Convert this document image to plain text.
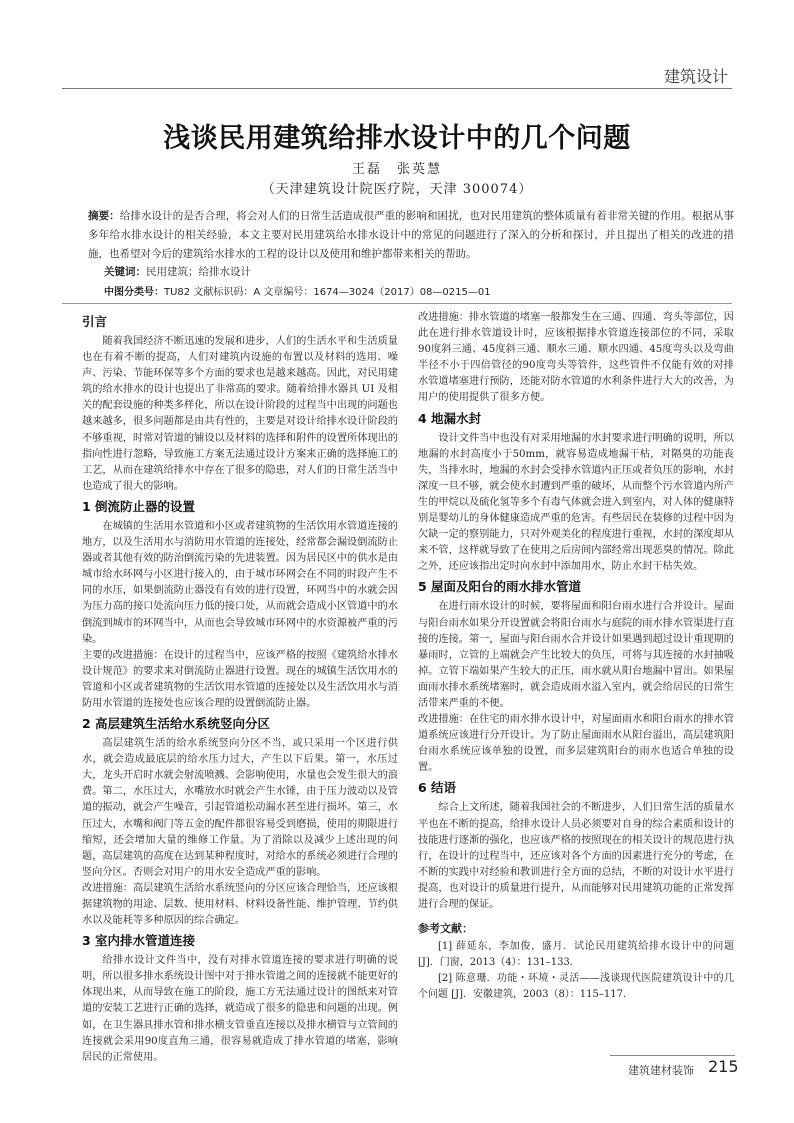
建筑设计
浅谈民用建筑给排水设计中的几个问题
王磊　张英慧
（天津建筑设计院医疗院，天津 300074）
摘要：给排水设计的是否合理，将会对人们的日常生活造成很严重的影响和困扰，也对民用建筑的整体质量有着非常关键的作用。根据从事多年给水排水设计的相关经验，本文主要对民用建筑给水排水设计中的常见的问题进行了深入的分析和探讨，并且提出了相关的改进的措施，也希望对今后的建筑给水排水的工程的设计以及使用和维护都带来相关的帮助。
关键词：民用建筑；给排水设计
中图分类号：TU82 文献标识码：A 文章编号：1674—3024（2017）08—0215—01
引言

随着我国经济不断迅速的发展和进步，人们的生活水平和生活质量也在有着不断的提高，人们对建筑内设施的布置以及材料的选用、噪声、污染、节能环保等多个方面的要求也是越来越高。因此，对民用建筑的给水排水的设计也提出了非常高的要求。随着给排水器具 UI 及相关的配套设施的种类多样化，所以在设计阶段的过程当中出现的问题也越来越多，很多问题都是由共有性的，主要是对设计给排水设计阶段的不够重视，时常对管道的铺设以及材料的选择和附件的设置所体现出的指向性进行忽略，导致施工方案无法通过设计方案来正确的选择施工的工艺，从而在建筑给排水中存在了很多的隐患，对人们的日常生活当中也造成了很大的影响。

1 倒流防止器的设置

在城镇的生活用水管道和小区或者建筑物的生活饮用水管道连接的地方，以及生活用水与消防用水管道的连接处，经常都会漏设倒流防止器或者其他有效的防治倒流污染的先进装置。因为居民区中的供水是由城市给水环网与小区进行接入的，由于城市环网会在不同的时段产生不同的水压，如果倒流防止器没有有效的进行设置，环网当中的水就会因为压力高的接口处流向压力低的接口处，从而就会造成小区管道中的水倒流到城市的环网当中，从而也会导致城市环网中的水资源被严重的污染。

主要的改进措施：在设计的过程当中，应该严格的按照《建筑给水排水设计规范》的要求来对倒流防止器进行设置。现在的城镇生活饮用水的管道和小区或者建筑物的生活饮用水管道的连接处以及生活饮用水与消防用水管道的连接处也应该合理的设置倒流防止器。

2 高层建筑生活给水系统竖向分区

高层建筑生活的给水系统竖向分区不当，或只采用一个区进行供水，就会造成最底层的给水压力过大，产生以下后果。第一，水压过大，龙头开启时水就会射流喷溅、会影响使用，水量也会发生很大的浪费。第二，水压过大，水嘴放水时就会产生水锤，由于压力波动以及管道的振动，就会产生噪音，引起管道松动漏水甚至进行损坏。第三，水压过大，水嘴和阀门等五金的配件都很容易受到磨损，使用的期限进行缩短，还会增加大量的维修工作量。为了消除以及减少上述出现的问题，高层建筑的高度在达到某种程度时，对给水的系统必须进行合理的竖向分区。否则会对用户的用水安全造成严重的影响。

改进措施：高层建筑生活给水系统竖向的分区应该合理恰当，还应该根据建筑物的用途、层数、使用材料、材料设备性能、维护管理、节约供水以及能耗等多种原因的综合确定。

3 室内排水管道连接

给排水设计文件当中，没有对排水管道连接的要求进行明确的说明，所以很多排水系统设计图中对于排水管道之间的连接就不能更好的体现出来，从而导致在施工的阶段，施工方无法通过设计的图纸来对管道的安装工艺进行正确的选择，就造成了很多的隐患和问题的出现。例如，在卫生器具排水管和排水横支管垂直连接以及排水横管与立管间的连接就会采用90度直角三通，很容易就造成了排水管道的堵塞，影响居民的正常使用。

改进措施：排水管道的堵塞一般都发生在三通、四通、弯头等部位，因此在进行排水管道设计时，应该根据排水管道连接部位的不同，采取90度斜三通、45度斜三通、顺水三通、顺水四通、45度弯头以及弯曲半径不小于四倍管径的90度弯头等管件，这些管件不仅能有效的对排水管道堵塞进行预防，还能对防水管道的水利条件进行大大的改善，为用户的使用提供了很多方便。

4 地漏水封

设计文件当中也没有对采用地漏的水封要求进行明确的说明，所以地漏的水封高度小于50mm，就容易造成地漏干枯，对隔臭的功能丧失，当排水时，地漏的水封会受排水管道内正压或者负压的影响，水封深度一旦不够，就会使水封遭到严重的破坏，从而整个污水管道内所产生的甲烷以及硫化氢等多个有毒气体就会进入到室内，对人体的健康特别是婴幼儿的身体健康造成严重的危害。有些居民在装修的过程中因为欠缺一定的察别能力，只对外观美化的程度进行重视，水封的深度却从来不管，这样就导致了在使用之后房间内部经常出现恶臭的情况。除此之外，还应该指出定时向水封中添加用水，防止水封干枯失效。

5 屋面及阳台的雨水排水管道

在进行雨水设计的时候，要将屋面和阳台雨水进行合并设计。屋面与阳台雨水如果分开设置就会将阳台雨水与庭院的雨水排水管渠进行直接的连接。第一，屋面与阳台雨水合并设计如果遇到超过设计重现期的暴雨时，立管的上端就会产生比较大的负压，可将与其连接的水封抽吸掉。立管下端如果产生较大的正压，雨水就从阳台地漏中冒出。如果屋面雨水排水系统堵塞时，就会造成雨水溢入室内，就会给居民的日常生活带来严重的不便。

改进措施：在住宅的雨水排水设计中，对屋面雨水和阳台雨水的排水管道系统应该进行分开设计。为了防止屋面雨水从阳台溢出，高层建筑阳台雨水系统应该单独的设置，而多层建筑阳台的雨水也适合单独的设置。

6 结语

综合上文所述，随着我国社会的不断进步，人们日常生活的质量水平也在不断的提高，给排水设计人员必须要对自身的综合素质和设计的技能进行逐渐的强化，也应该严格的按照现在的相关设计的规范进行执行，在设计的过程当中，还应该对各个方面的因素进行充分的考虑，在不断的实践中对经验和教训进行全方面的总结，不断的对设计水平进行提高，也对设计的质量进行提升，从而能够对民用建筑功能的正常发挥进行合理的保证。

参考文献：

[1] 薛延东，李加俊，盛月．试论民用建筑给排水设计中的问题 [J]．门窗，2013（4）：131–133．

[2] 陈意珊．功能・环境・灵活——浅谈现代医院建筑设计中的几个问题 [J]．安徽建筑，2003（8）：115–117．

建筑建材装饰 215
